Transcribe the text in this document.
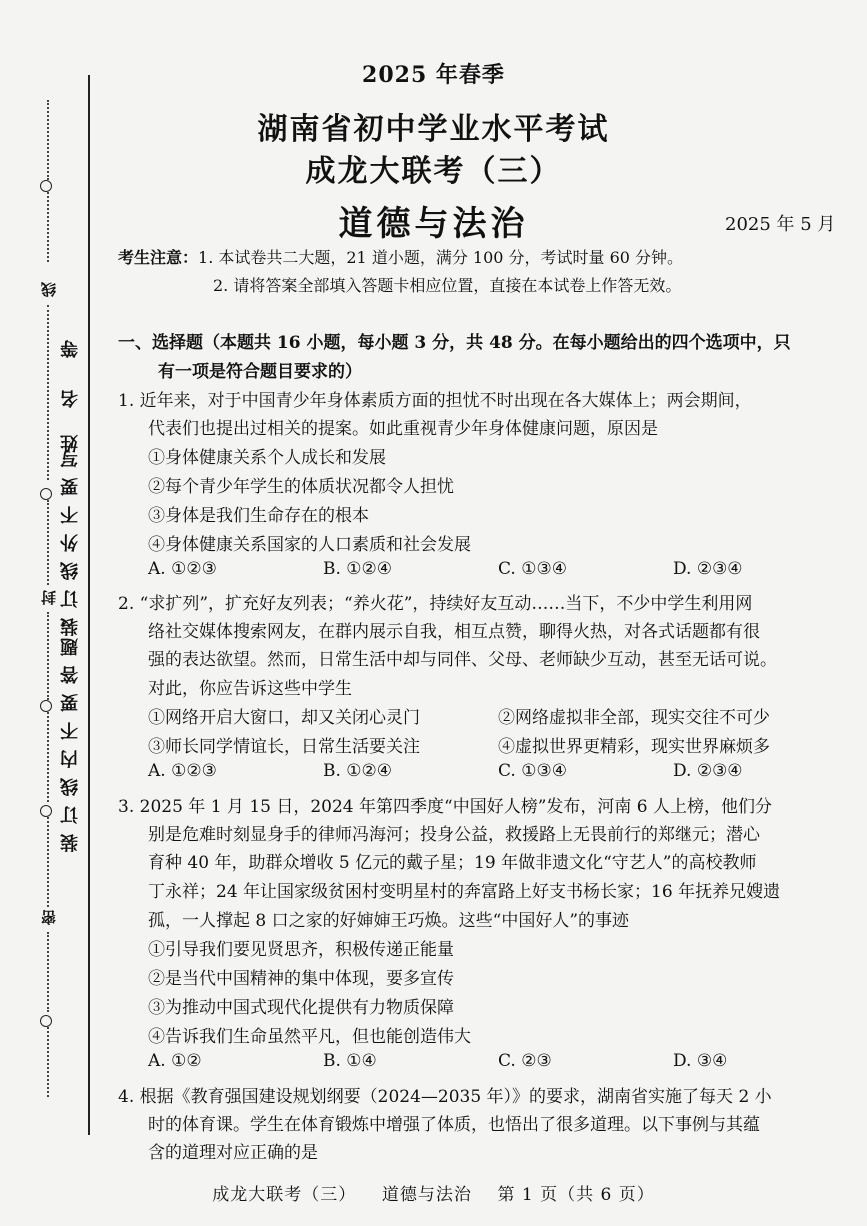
线
封
密
等
姓 名
装订线外不要写
装订线内不要答题，
2025 年春季
湖南省初中学业水平考试
成龙大联考（三）
道德与法治	2025 年 5 月
考生注意：1. 本试卷共二大题，21 道小题，满分 100 分，考试时量 60 分钟。
2. 请将答案全部填入答题卡相应位置，直接在本试卷上作答无效。
一、选择题（本题共 16 小题，每小题 3 分，共 48 分。在每小题给出的四个选项中，只
有一项是符合题目要求的）
1. 近年来，对于中国青少年身体素质方面的担忧不时出现在各大媒体上；两会期间，
代表们也提出过相关的提案。如此重视青少年身体健康问题，原因是
①身体健康关系个人成长和发展
②每个青少年学生的体质状况都令人担忧
③身体是我们生命存在的根本
④身体健康关系国家的人口素质和社会发展
A. ①②③	B. ①②④	C. ①③④	D. ②③④
2. “求扩列”，扩充好友列表；“养火花”，持续好友互动……当下，不少中学生利用网
络社交媒体搜索网友，在群内展示自我，相互点赞，聊得火热，对各式话题都有很
强的表达欲望。然而，日常生活中却与同伴、父母、老师缺少互动，甚至无话可说。
对此，你应告诉这些中学生
①网络开启大窗口，却又关闭心灵门	②网络虚拟非全部，现实交往不可少
③师长同学情谊长，日常生活要关注	④虚拟世界更精彩，现实世界麻烦多
A. ①②③	B. ①②④	C. ①③④	D. ②③④
3. 2025 年 1 月 15 日，2024 年第四季度“中国好人榜”发布，河南 6 人上榜，他们分
别是危难时刻显身手的律师冯海河；投身公益，救援路上无畏前行的郑继元；潜心
育种 40 年，助群众增收 5 亿元的戴子星；19 年做非遗文化“守艺人”的高校教师
丁永祥；24 年让国家级贫困村变明星村的奔富路上好支书杨长家；16 年抚养兄嫂遗
孤，一人撑起 8 口之家的好婶婶王巧焕。这些“中国好人”的事迹
①引导我们要见贤思齐，积极传递正能量
②是当代中国精神的集中体现，要多宣传
③为推动中国式现代化提供有力物质保障
④告诉我们生命虽然平凡，但也能创造伟大
A. ①②	B. ①④	C. ②③	D. ③④
4. 根据《教育强国建设规划纲要（2024—2035 年）》的要求，湖南省实施了每天 2 小
时的体育课。学生在体育锻炼中增强了体质，也悟出了很多道理。以下事例与其蕴
含的道理对应正确的是
成龙大联考（三）    道德与法治    第 1 页（共 6 页）
